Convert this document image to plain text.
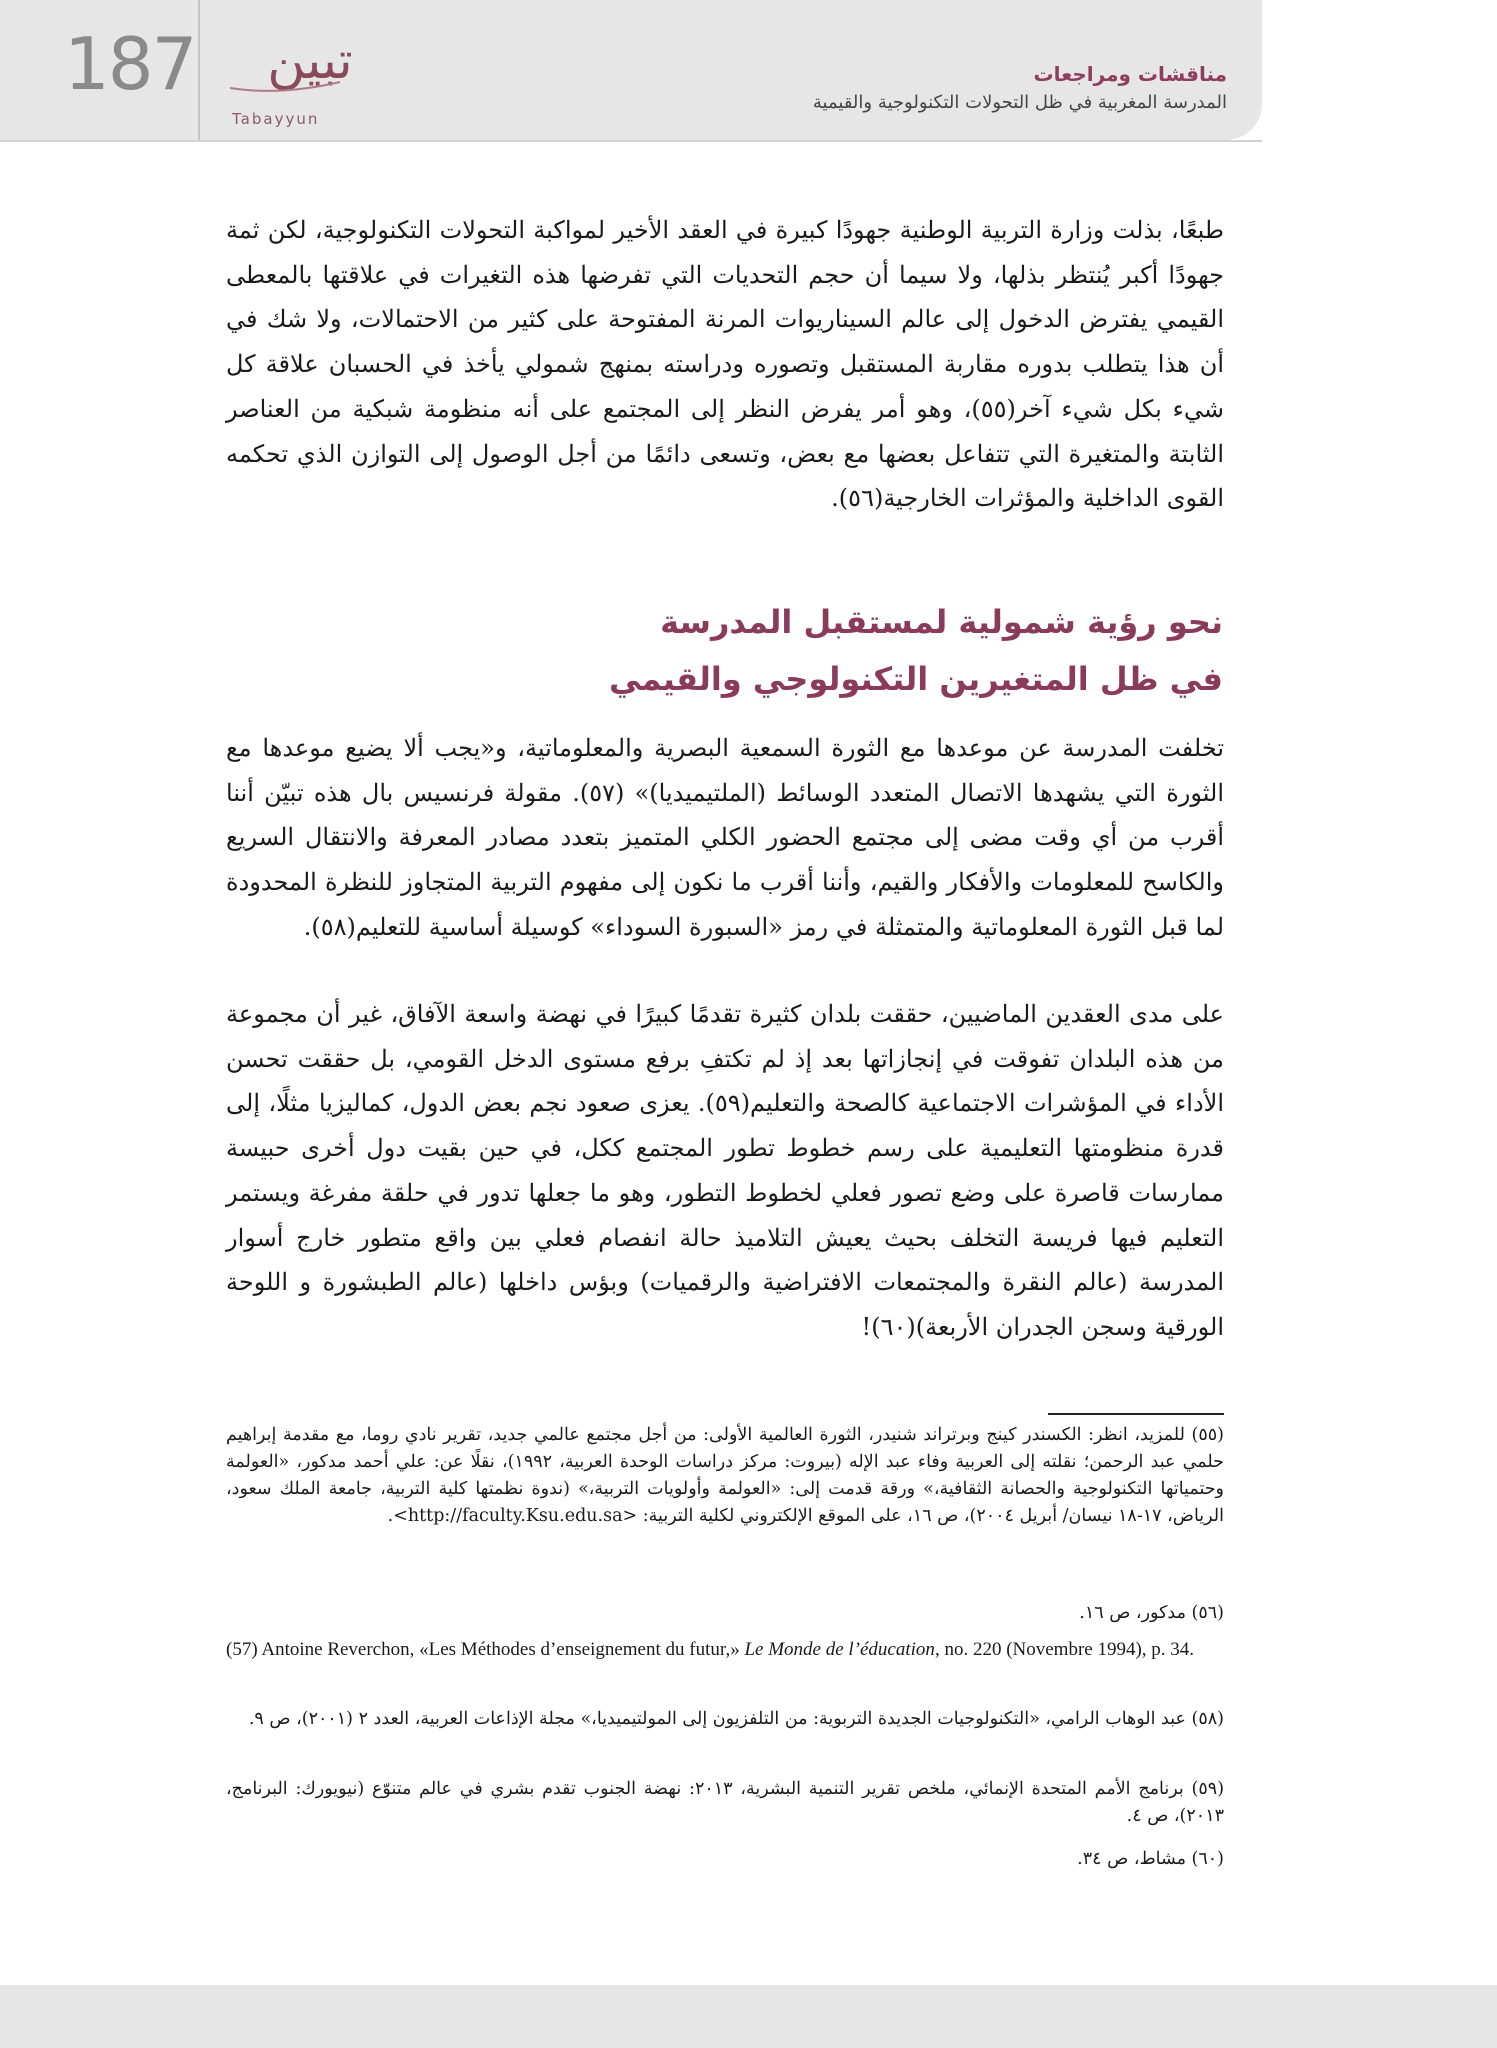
187 تبين
Tabayyun
مناقشات ومراجعات
المدرسة المغربية في ظل التحولات التكنولوجية والقيمية

طبعًا، بذلت وزارة التربية الوطنية جهودًا كبيرة في العقد الأخير لمواكبة التحولات التكنولوجية، لكن ثمة جهودًا أكبر يُنتظر بذلها، ولا سيما أن حجم التحديات التي تفرضها هذه التغيرات في علاقتها بالمعطى القيمي يفترض الدخول إلى عالم السيناريوات المرنة المفتوحة على كثير من الاحتمالات، ولا شك في أن هذا يتطلب بدوره مقاربة المستقبل وتصوره ودراسته بمنهج شمولي يأخذ في الحسبان علاقة كل شيء بكل شيء آخر(٥٥)، وهو أمر يفرض النظر إلى المجتمع على أنه منظومة شبكية من العناصر الثابتة والمتغيرة التي تتفاعل بعضها مع بعض، وتسعى دائمًا من أجل الوصول إلى التوازن الذي تحكمه القوى الداخلية والمؤثرات الخارجية(٥٦).

نحو رؤية شمولية لمستقبل المدرسة
في ظل المتغيرين التكنولوجي والقيمي

تخلفت المدرسة عن موعدها مع الثورة السمعية البصرية والمعلوماتية، و«يجب ألا يضيع موعدها مع الثورة التي يشهدها الاتصال المتعدد الوسائط (الملتيميديا)» (٥٧). مقولة فرنسيس بال هذه تبيّن أننا أقرب من أي وقت مضى إلى مجتمع الحضور الكلي المتميز بتعدد مصادر المعرفة والانتقال السريع والكاسح للمعلومات والأفكار والقيم، وأننا أقرب ما نكون إلى مفهوم التربية المتجاوز للنظرة المحدودة لما قبل الثورة المعلوماتية والمتمثلة في رمز «السبورة السوداء» كوسيلة أساسية للتعليم(٥٨).

على مدى العقدين الماضيين، حققت بلدان كثيرة تقدمًا كبيرًا في نهضة واسعة الآفاق، غير أن مجموعة من هذه البلدان تفوقت في إنجازاتها بعد إذ لم تكتفِ برفع مستوى الدخل القومي، بل حققت تحسن الأداء في المؤشرات الاجتماعية كالصحة والتعليم(٥٩). يعزى صعود نجم بعض الدول، كماليزيا مثلًا، إلى قدرة منظومتها التعليمية على رسم خطوط تطور المجتمع ككل، في حين بقيت دول أخرى حبيسة ممارسات قاصرة على وضع تصور فعلي لخطوط التطور، وهو ما جعلها تدور في حلقة مفرغة ويستمر التعليم فيها فريسة التخلف بحيث يعيش التلاميذ حالة انفصام فعلي بين واقع متطور خارج أسوار المدرسة (عالم النقرة والمجتمعات الافتراضية والرقميات) وبؤس داخلها (عالم الطبشورة و اللوحة الورقية وسجن الجدران الأربعة)(٦٠)!

(٥٥) للمزيد، انظر: الكسندر كينج وبرتراند شنيدر، الثورة العالمية الأولى: من أجل مجتمع عالمي جديد، تقرير نادي روما، مع مقدمة إبراهيم حلمي عبد الرحمن؛ نقلته إلى العربية وفاء عبد الإله (بيروت: مركز دراسات الوحدة العربية، ١٩٩٢)، نقلًا عن: علي أحمد مدكور، «العولمة وحتمياتها التكنولوجية والحصانة الثقافية،» ورقة قدمت إلى: «العولمة وأولويات التربية،» (ندوة نظمتها كلية التربية، جامعة الملك سعود، الرياض، ١٧-١٨ نيسان/ أبريل ٢٠٠٤)، ص ١٦، على الموقع الإلكتروني لكلية التربية: <http://faculty.Ksu.edu.sa>.

(٥٦) مدكور، ص ١٦.

(57) Antoine Reverchon, «Les Méthodes d’enseignement du futur,» Le Monde de l’éducation, no. 220 (Novembre 1994), p. 34.

(٥٨) عبد الوهاب الرامي، «التكنولوجيات الجديدة التربوية: من التلفزيون إلى المولتيميديا،» مجلة الإذاعات العربية، العدد ٢ (٢٠٠١)، ص ٩.

(٥٩) برنامج الأمم المتحدة الإنمائي، ملخص تقرير التنمية البشرية، ٢٠١٣: نهضة الجنوب تقدم بشري في عالم متنوّع (نيويورك: البرنامج، ٢٠١٣)، ص ٤.

(٦٠) مشاط، ص ٣٤.
